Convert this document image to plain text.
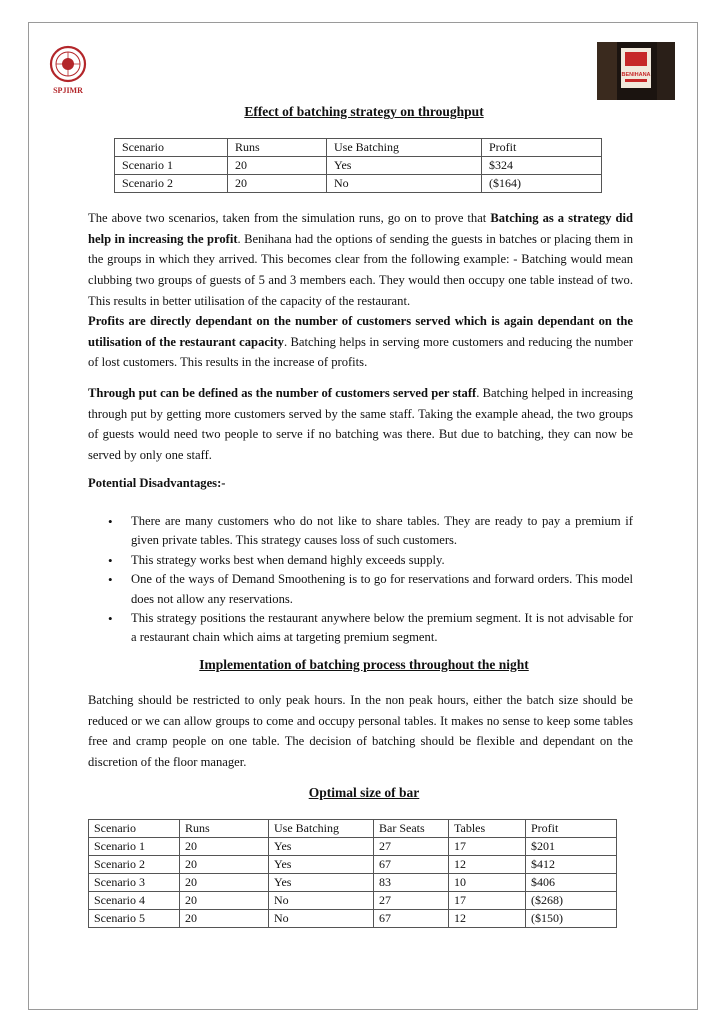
SPJIMR
BENIHANA
Effect of batching strategy on throughput
Scenario	Runs	Use Batching	Profit
Scenario 1	20	Yes	$324
Scenario 2	20	No	($164)

The above two scenarios, taken from the simulation runs, go on to prove that Batching as a strategy did help in increasing the profit. Benihana had the options of sending the guests in batches or placing them in the groups in which they arrived. This becomes clear from the following example: - Batching would mean clubbing two groups of guests of 5 and 3 members each. They would then occupy one table instead of two. This results in better utilisation of the capacity of the restaurant.

Profits are directly dependant on the number of customers served which is again dependant on the utilisation of the restaurant capacity. Batching helps in serving more customers and reducing the number of lost customers. This results in the increase of profits.

Through put can be defined as the number of customers served per staff. Batching helped in increasing through put by getting more customers served by the same staff. Taking the example ahead, the two groups of guests would need two people to serve if no batching was there. But due to batching, they can now be served by only one staff.

Potential Disadvantages:-
• There are many customers who do not like to share tables. They are ready to pay a premium if given private tables. This strategy causes loss of such customers.
• This strategy works best when demand highly exceeds supply.
• One of the ways of Demand Smoothening is to go for reservations and forward orders. This model does not allow any reservations.
• This strategy positions the restaurant anywhere below the premium segment. It is not advisable for a restaurant chain which aims at targeting premium segment.
Implementation of batching process throughout the night

Batching should be restricted to only peak hours. In the non peak hours, either the batch size should be reduced or we can allow groups to come and occupy personal tables. It makes no sense to keep some tables free and cramp people on one table. The decision of batching should be flexible and dependant on the discretion of the floor manager.

Optimal size of bar
Scenario	Runs	Use Batching	Bar Seats	Tables	Profit
Scenario 1	20	Yes	27	17	$201
Scenario 2	20	Yes	67	12	$412
Scenario 3	20	Yes	83	10	$406
Scenario 4	20	No	27	17	($268)
Scenario 5	20	No	67	12	($150)
